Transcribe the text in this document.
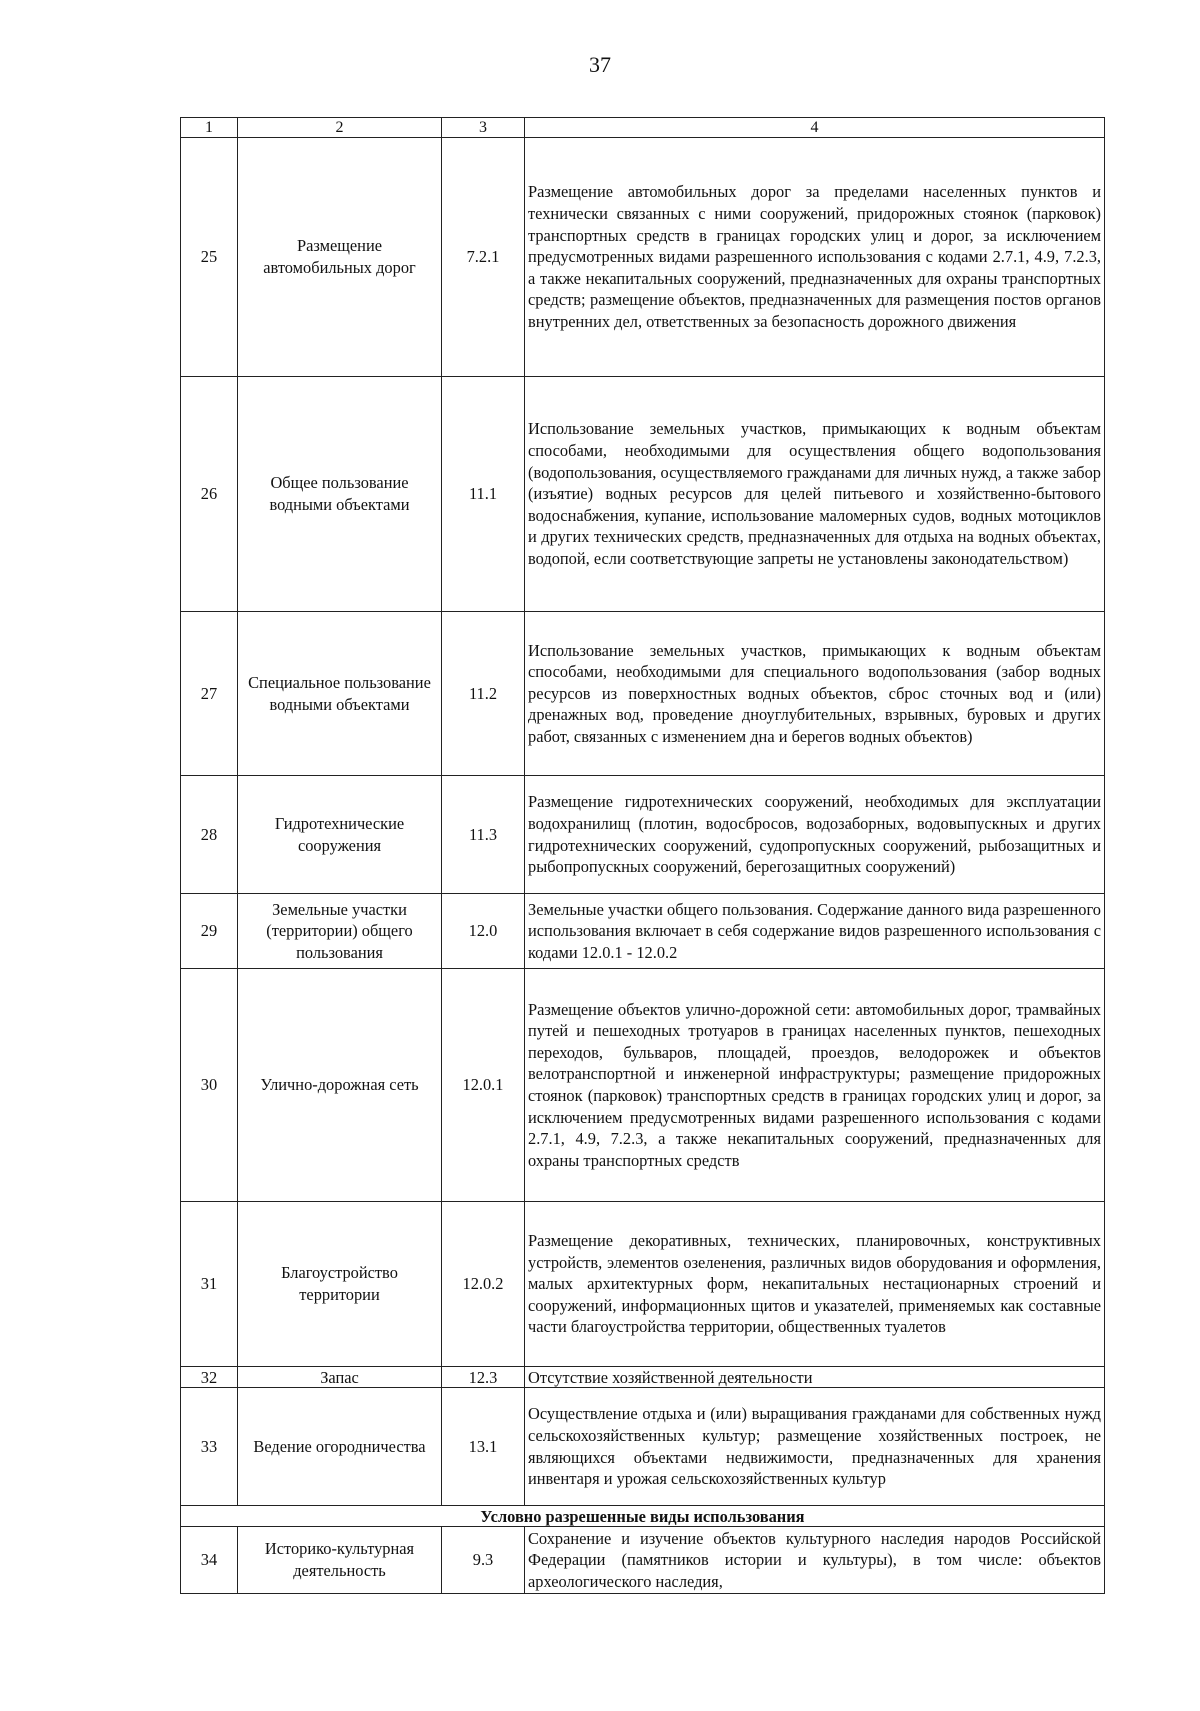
37
1	2	3	4
25	Размещение автомобильных дорог	7.2.1	Размещение автомобильных дорог за пределами населенных пунктов и технически связанных с ними сооружений, придорожных стоянок (парковок) транспортных средств в границах городских улиц и дорог, за исключением предусмотренных видами разрешенного использования с кодами 2.7.1, 4.9, 7.2.3, а также некапитальных сооружений, предназначенных для охраны транспортных средств; размещение объектов, предназначенных для размещения постов органов внутренних дел, ответственных за безопасность дорожного движения
26	Общее пользование водными объектами	11.1	Использование земельных участков, примыкающих к водным объектам способами, необходимыми для осуществления общего водопользования (водопользования, осуществляемого гражданами для личных нужд, а также забор (изъятие) водных ресурсов для целей питьевого и хозяйственно-бытового водоснабжения, купание, использование маломерных судов, водных мотоциклов и других технических средств, предназначенных для отдыха на водных объектах, водопой, если соответствующие запреты не установлены законодательством)
27	Специальное пользование водными объектами	11.2	Использование земельных участков, примыкающих к водным объектам способами, необходимыми для специального водопользования (забор водных ресурсов из поверхностных водных объектов, сброс сточных вод и (или) дренажных вод, проведение дноуглубительных, взрывных, буровых и других работ, связанных с изменением дна и берегов водных объектов)
28	Гидротехнические сооружения	11.3	Размещение гидротехнических сооружений, необходимых для эксплуатации водохранилищ (плотин, водосбросов, водозаборных, водовыпускных и других гидротехнических сооружений, судопропускных сооружений, рыбозащитных и рыбопропускных сооружений, берегозащитных сооружений)
29	Земельные участки (территории) общего пользования	12.0	Земельные участки общего пользования. Содержание данного вида разрешенного использования включает в себя содержание видов разрешенного использования с кодами 12.0.1 - 12.0.2
30	Улично-дорожная сеть	12.0.1	Размещение объектов улично-дорожной сети: автомобильных дорог, трамвайных путей и пешеходных тротуаров в границах населенных пунктов, пешеходных переходов, бульваров, площадей, проездов, велодорожек и объектов велотранспортной и инженерной инфраструктуры; размещение придорожных стоянок (парковок) транспортных средств в границах городских улиц и дорог, за исключением предусмотренных видами разрешенного использования с кодами 2.7.1, 4.9, 7.2.3, а также некапитальных сооружений, предназначенных для охраны транспортных средств
31	Благоустройство территории	12.0.2	Размещение декоративных, технических, планировочных, конструктивных устройств, элементов озеленения, различных видов оборудования и оформления, малых архитектурных форм, некапитальных нестационарных строений и сооружений, информационных щитов и указателей, применяемых как составные части благоустройства территории, общественных туалетов
32	Запас	12.3	Отсутствие хозяйственной деятельности
33	Ведение огородничества	13.1	Осуществление отдыха и (или) выращивания гражданами для собственных нужд сельскохозяйственных культур; размещение хозяйственных построек, не являющихся объектами недвижимости, предназначенных для хранения инвентаря и урожая сельскохозяйственных культур
Условно разрешенные виды использования			
34	Историко-культурная деятельность	9.3	Сохранение и изучение объектов культурного наследия народов Российской Федерации (памятников истории и культуры), в том числе: объектов археологического наследия,
